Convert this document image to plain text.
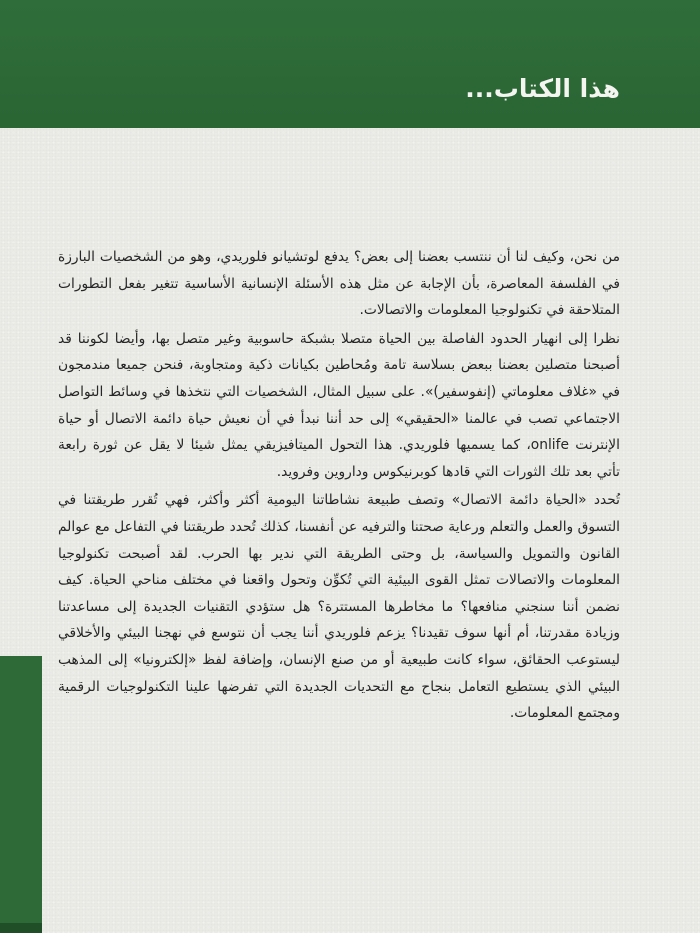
هذا الكتاب...

من نحن، وكيف لنا أن ننتسب بعضنا إلى بعض؟ يدفع لوتشيانو فلوريدي، وهو من الشخصيات البارزة في الفلسفة المعاصرة، بأن الإجابة عن مثل هذه الأسئلة الإنسانية الأساسية تتغير بفعل التطورات المتلاحقة في تكنولوجيا المعلومات والاتصالات.

نظرا إلى انهيار الحدود الفاصلة بين الحياة متصلا بشبكة حاسوبية وغير متصل بها، وأيضا لكوننا قد أصبحنا متصلين بعضنا ببعض بسلاسة تامة ومُحاطين بكيانات ذكية ومتجاوبة، فنحن جميعا مندمجون في «غلاف معلوماتي (إنفوسفير)». على سبيل المثال، الشخصيات التي نتخذها في وسائط التواصل الاجتماعي تصب في عالمنا «الحقيقي» إلى حد أننا نبدأ في أن نعيش حياة دائمة الاتصال أو حياة الإنترنت onlife، كما يسميها فلوريدي. هذا التحول الميتافيزيقي يمثل شيئا لا يقل عن ثورة رابعة تأتي بعد تلك الثورات التي قادها كوبرنيكوس وداروين وفرويد.

تُحدد «الحياة دائمة الاتصال» وتصف طبيعة نشاطاتنا اليومية أكثر وأكثر، فهي تُقرر طريقتنا في التسوق والعمل والتعلم ورعاية صحتنا والترفيه عن أنفسنا، كذلك تُحدد طريقتنا في التفاعل مع عوالم القانون والتمويل والسياسة، بل وحتى الطريقة التي ندير بها الحرب. لقد أصبحت تكنولوجيا المعلومات والاتصالات تمثل القوى البيئية التي تُكوِّن وتحول واقعنا في مختلف مناحي الحياة. كيف نضمن أننا سنجني منافعها؟ ما مخاطرها المستترة؟ هل ستؤدي التقنيات الجديدة إلى مساعدتنا وزيادة مقدرتنا، أم أنها سوف تقيدنا؟ يزعم فلوريدي أننا يجب أن نتوسع في نهجنا البيئي والأخلاقي ليستوعب الحقائق، سواء كانت طبيعية أو من صنع الإنسان، وإضافة لفظ «إلكترونيا» إلى المذهب البيئي الذي يستطيع التعامل بنجاح مع التحديات الجديدة التي تفرضها علينا التكنولوجيات الرقمية ومجتمع المعلومات.
